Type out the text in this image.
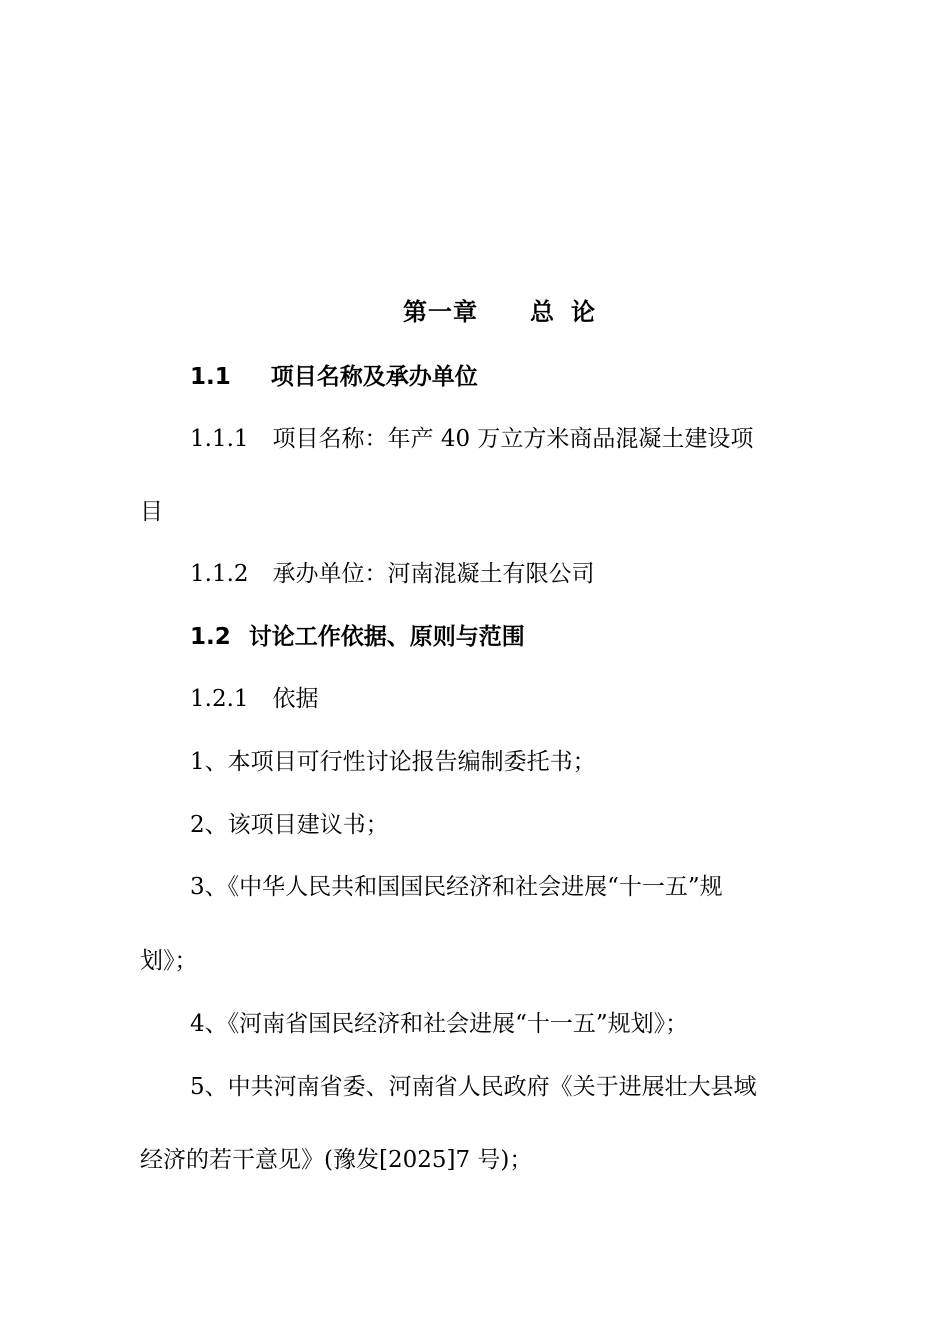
第一章 总 论
1.1 项目名称及承办单位
1.1.1 项目名称：年产 40 万立方米商品混凝土建设项
目
1.1.2 承办单位：河南混凝土有限公司
1.2 讨论工作依据、原则与范围
1.2.1 依据
1、本项目可行性讨论报告编制委托书；
2、该项目建议书；
3、《中华人民共和国国民经济和社会进展“十一五”规
划》；
4、《河南省国民经济和社会进展“十一五”规划》；
5、中共河南省委、河南省人民政府《关于进展壮大县域
经济的若干意见》(豫发[2025]7 号)；
